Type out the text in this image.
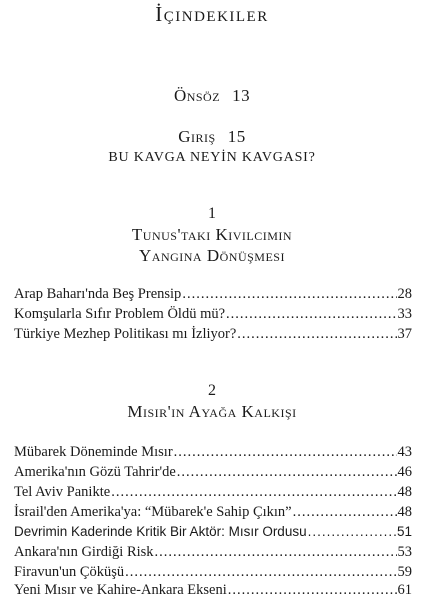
İçindekiler
Önsöz 13
Giriş 15
BU KAVGA NEYİN KAVGASI?
1
Tunus'taki Kıvılcımın
Yangına Dönüşmesi
Arap Baharı'nda Beş Prensip .....	28
Komşularla Sıfır Problem Öldü mü? .....	33
Türkiye Mezhep Politikası mı İzliyor? .....	37
2
Mısır'ın Ayağa Kalkışı
Mübarek Döneminde Mısır .....	43
Amerika'nın Gözü Tahrir'de .....	46
Tel Aviv Panikte .....	48
İsrail'den Amerika'ya: “Mübarek'e Sahip Çıkın” .....	48
Devrimin Kaderinde Kritik Bir Aktör: Mısır Ordusu .....	51
Ankara'nın Girdiği Risk .....	53
Firavun'un Çöküşü .....	59
Yeni Mısır ve Kahire-Ankara Ekseni .....	61
